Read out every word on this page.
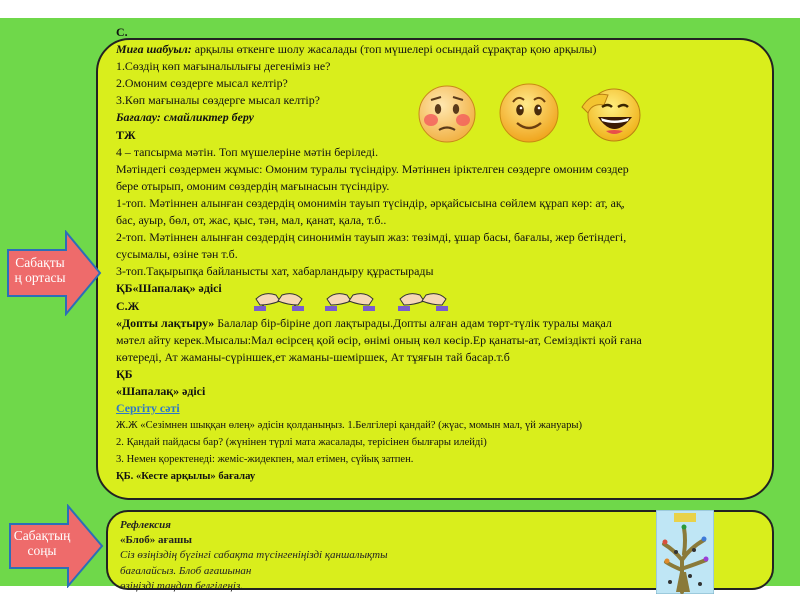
Сабақты
ң ортасы
Сабақтың
соңы
С.
Миға шабуыл: арқылы өткенге шолу жасалады (топ мүшелері осындай сұрақтар қою арқылы)
1.Сөздің көп мағыналылығы дегеніміз не?
2.Омоним сөздерге мысал келтір?
3.Көп мағыналы сөздерге мысал келтір?
Бағалау: смайликтер беру
ТЖ
4 – тапсырма мәтін. Топ мүшелеріне мәтін беріледі.
Мәтіндегі сөздермен жұмыс: Омоним туралы түсіндіру. Мәтіннен іріктелген сөздерге омоним сөздер
бере отырып, омоним сөздердің мағынасын түсіндіру.
1-топ. Мәтіннен алынған сөздердің омонимін тауып түсіндір, әрқайсысына сөйлем құрап көр: ат, ақ,
бас, ауыр, бөл, от, жас, қыс, тән, мал, қанат, қала, т.б..
2-топ. Мәтіннен алынған сөздердің синонимін тауып жаз: төзімді, ұшар басы, бағалы, жер бетіндегі,
сусымалы, өзіне тән т.б.
3-топ.Тақырыпқа байланысты хат, хабарландыру құрастырады
ҚБ«Шапалақ» әдісі
С.Ж
«Допты лақтыру» Балалар бір-біріне доп лақтырады.Допты алған адам төрт-түлік туралы мақал
мәтел айту керек.Мысалы:Мал өсірсең қой өсір, өнімі оның көл көсір.Ер қанаты-ат, Семіздікті қой ғана
көтереді, Ат жаманы-сүріншек,ет жаманы-шеміршек, Ат тұяғын тай басар.т.б
ҚБ
«Шапалақ» әдісі
Сергіту сәті
Ж.Ж «Сезімнен шыққан өлең» әдісін қолданыңыз. 1.Белгілері қандай? (жүас, момын мал, үй жануары)
2. Қандай пайдасы бар? (жүнінен түрлі мата жасалады, терісінен былғары илейді)
3. Немен қоректенеді: жеміс-жидекпен, мал етімен, сүйық затпен.
ҚБ. «Кесте арқылы» бағалау
Рефлексия
«Блоб» ағашы
Сіз өзіңіздің бүгінгі сабақта түсінгеніңізді қаншалықты
бағалайсыз. Блоб ағашынан
өзіңізді таңдап белгілеңіз.
